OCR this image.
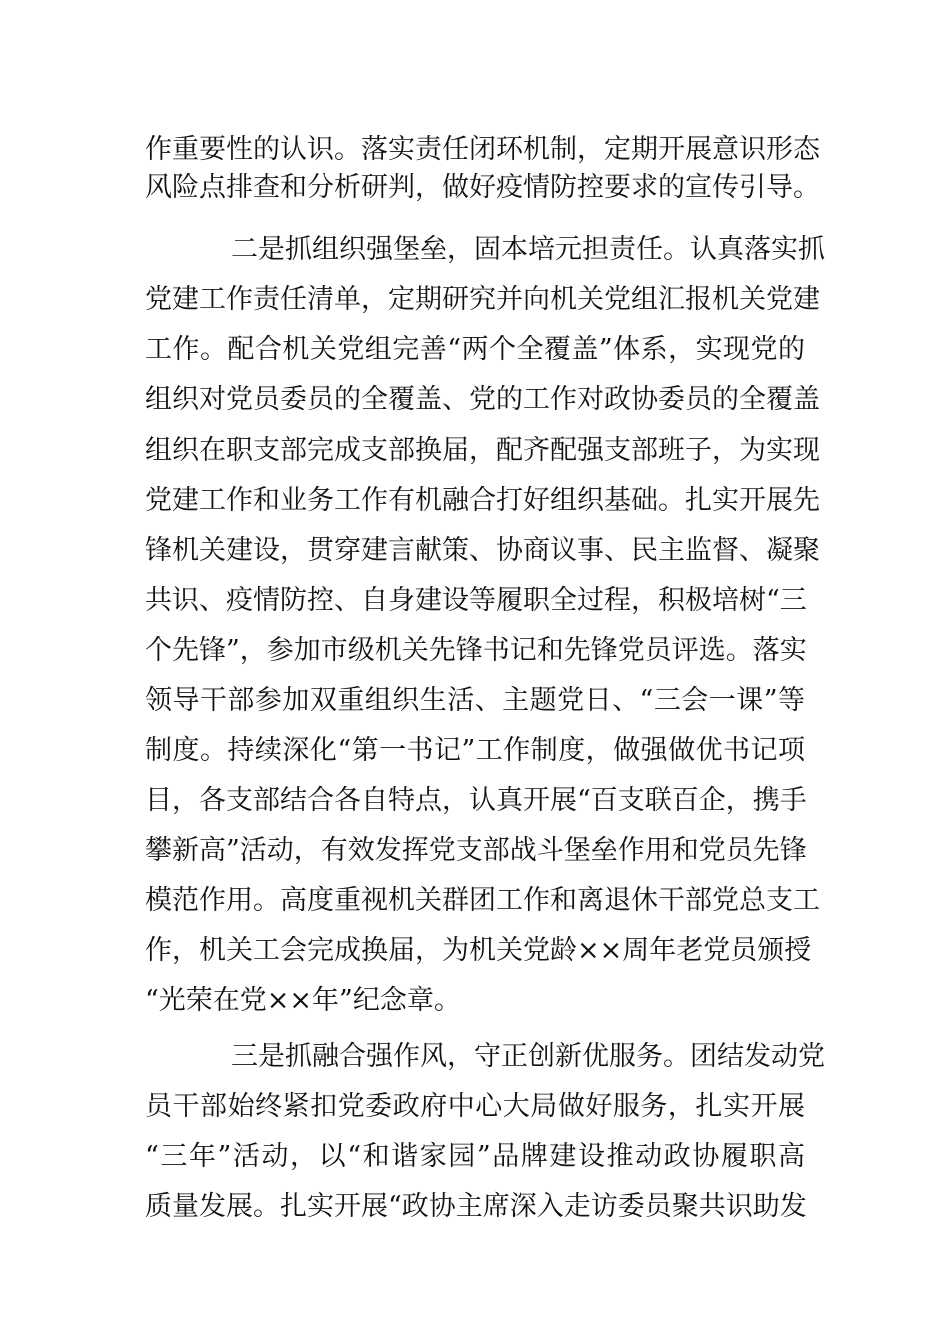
作重要性的认识。落实责任闭环机制，定期开展意识形态
风险点排查和分析研判，做好疫情防控要求的宣传引导。
二是抓组织强堡垒，固本培元担责任。认真落实抓
党建工作责任清单，定期研究并向机关党组汇报机关党建
工作。配合机关党组完善“两个全覆盖”体系，实现党的
组织对党员委员的全覆盖、党的工作对政协委员的全覆盖
组织在职支部完成支部换届，配齐配强支部班子，为实现
党建工作和业务工作有机融合打好组织基础。扎实开展先
锋机关建设，贯穿建言献策、协商议事、民主监督、凝聚
共识、疫情防控、自身建设等履职全过程，积极培树“三
个先锋”，参加市级机关先锋书记和先锋党员评选。落实
领导干部参加双重组织生活、主题党日、“三会一课”等
制度。持续深化“第一书记”工作制度，做强做优书记项
目，各支部结合各自特点，认真开展“百支联百企，携手
攀新高”活动，有效发挥党支部战斗堡垒作用和党员先锋
模范作用。高度重视机关群团工作和离退休干部党总支工
作，机关工会完成换届，为机关党龄××周年老党员颁授
“光荣在党××年”纪念章。
三是抓融合强作风，守正创新优服务。团结发动党
员干部始终紧扣党委政府中心大局做好服务，扎实开展
“三年”活动，以“和谐家园”品牌建设推动政协履职高
质量发展。扎实开展“政协主席深入走访委员聚共识助发
